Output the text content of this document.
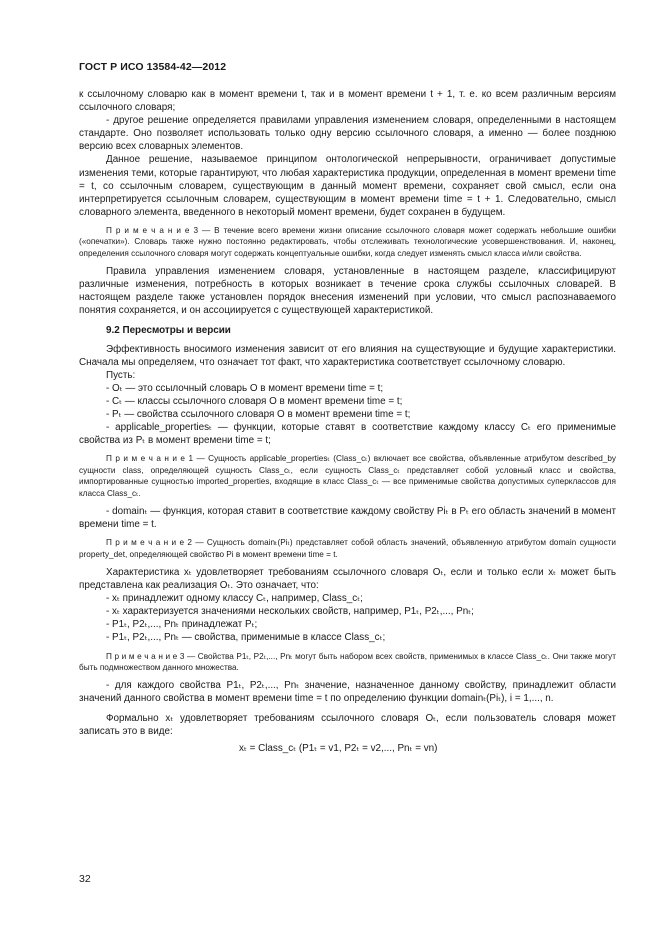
ГОСТ Р ИСО 13584-42—2012

к ссылочному словарю как в момент времени t, так и в момент времени t + 1, т. е. ко всем различным версиям ссылочного словаря;

- другое решение определяется правилами управления изменением словаря, определенными в настоящем стандарте. Оно позволяет использовать только одну версию ссылочного словаря, а именно — более позднюю версию всех словарных элементов.

Данное решение, называемое принципом онтологической непрерывности, ограничивает допустимые изменения теми, которые гарантируют, что любая характеристика продукции, определенная в момент времени time = t, со ссылочным словарем, существующим в данный момент времени, сохраняет свой смысл, если она интерпретируется ссылочным словарем, существующим в момент времени time = t + 1. Следовательно, смысл словарного элемента, введенного в некоторый момент времени, будет сохранен в будущем.

П р и м е ч а н и е 3 — В течение всего времени жизни описание ссылочного словаря может содержать небольшие ошибки («опечатки»). Словарь также нужно постоянно редактировать, чтобы отслеживать технологические усовершенствования. И, наконец, определения ссылочного словаря могут содержать концептуальные ошибки, когда следует изменять смысл класса и/или свойства.

Правила управления изменением словаря, установленные в настоящем разделе, классифицируют различные изменения, потребность в которых возникает в течение срока службы ссылочных словарей. В настоящем разделе также установлен порядок внесения изменений при условии, что смысл распознаваемого понятия сохраняется, и он ассоциируется с существующей характеристикой.

9.2 Пересмотры и версии

Эффективность вносимого изменения зависит от его влияния на существующие и будущие характеристики. Сначала мы определяем, что означает тот факт, что характеристика соответствует ссылочному словарю.

Пусть:

- Oₜ — это ссылочный словарь O в момент времени time = t;

- Cₜ — классы ссылочного словаря O в момент времени time = t;

- Pₜ — свойства ссылочного словаря O в момент времени time = t;

- applicable_propertiesₜ — функции, которые ставят в соответствие каждому классу Cₜ его применимые свойства из Pₜ в момент времени time = t;

П р и м е ч а н и е 1 — Сущность applicable_propertiesₜ (Class_cₜ) включает все свойства, объявленные атрибутом described_by сущности class, определяющей сущность Class_cₜ, если сущность Class_cₜ представляет собой условный класс и свойства, импортированные сущностью imported_properties, входящие в класс Class_cₜ — все применимые свойства допустимых суперклассов для класса Class_cₜ.

- domainₜ — функция, которая ставит в соответствие каждому свойству Piₜ в Pₜ его область значений в момент времени time = t.

П р и м е ч а н и е 2 — Сущность domainₜ(Piₜ) представляет собой область значений, объявленную атрибутом domain сущности property_det, определяющей свойство Pi в момент времени time = t.

Характеристика xₜ удовлетворяет требованиям ссылочного словаря Oₜ, если и только если xₜ может быть представлена как реализация Oₜ. Это означает, что:

- xₜ принадлежит одному классу Cₜ, например, Class_cₜ;

- xₜ характеризуется значениями нескольких свойств, например, P1ₜ, P2ₜ,..., Pnₜ;

- P1ₜ, P2ₜ,..., Pnₜ принадлежат Pₜ;

- P1ₜ, P2ₜ,..., Pnₜ — свойства, применимые в классе Class_cₜ;

П р и м е ч а н и е 3 — Свойства P1ₜ, P2ₜ,..., Pnₜ могут быть набором всех свойств, применимых в классе Class_cₜ. Они также могут быть подмножеством данного множества.

- для каждого свойства P1ₜ, P2ₜ,..., Pnₜ значение, назначенное данному свойству, принадлежит области значений данного свойства в момент времени time = t по определению функции domainₜ(Piₜ), i = 1,..., n.

Формально xₜ удовлетворяет требованиям ссылочного словаря Oₜ, если пользователь словаря может записать это в виде:

xₜ = Class_cₜ (P1ₜ = v1, P2ₜ = v2,..., Pnₜ = vn)

32
